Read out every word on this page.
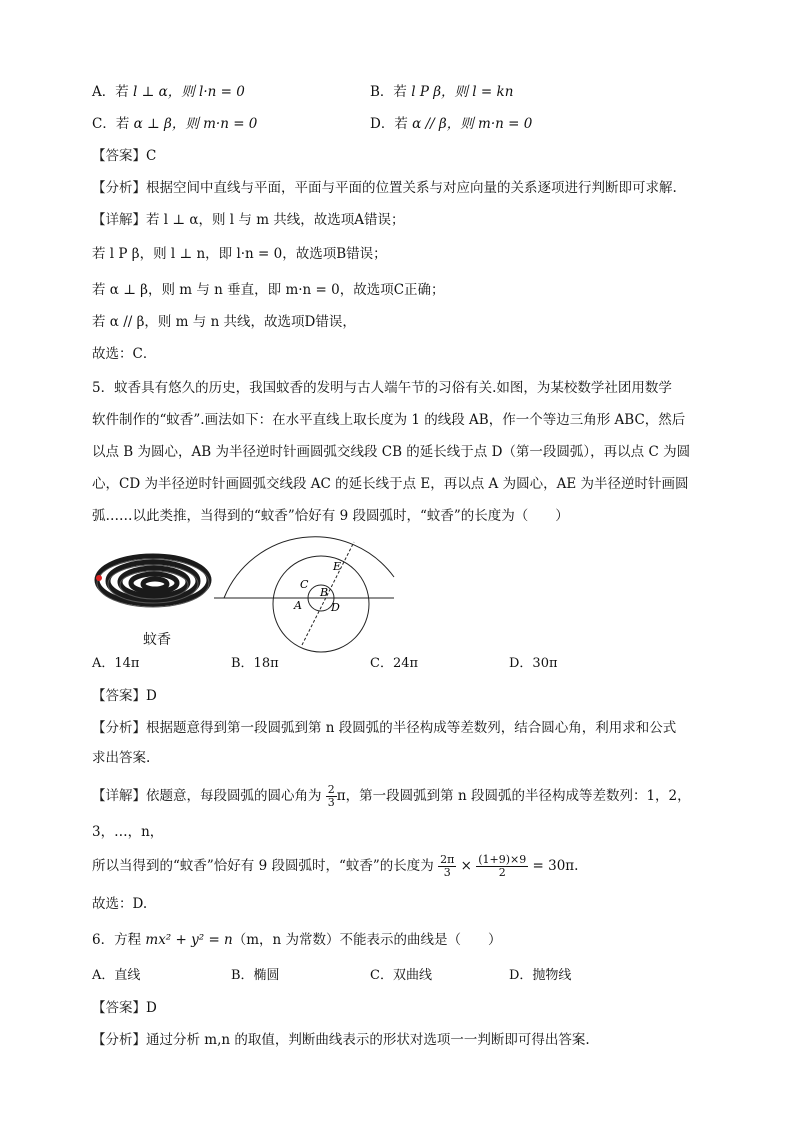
A．若 l ⊥ α，则 l·n = 0	B．若 l P β，则 l = kn
C．若 α ⊥ β，则 m·n = 0	D．若 α // β，则 m·n = 0
【答案】C
【分析】根据空间中直线与平面，平面与平面的位置关系与对应向量的关系逐项进行判断即可求解.
【详解】若 l ⊥ α，则 l 与 m 共线，故选项A错误；
若 l P β，则 l ⊥ n，即 l·n = 0，故选项B错误；
若 α ⊥ β，则 m 与 n 垂直，即 m·n = 0，故选项C正确；
若 α // β，则 m 与 n 共线，故选项D错误，
故选：C．
5．蚊香具有悠久的历史，我国蚊香的发明与古人端午节的习俗有关.如图，为某校数学社团用数学
软件制作的“蚊香”.画法如下：在水平直线上取长度为 1 的线段 AB，作一个等边三角形 ABC，然后
以点 B 为圆心，AB 为半径逆时针画圆弧交线段 CB 的延长线于点 D（第一段圆弧），再以点 C 为圆
心，CD 为半径逆时针画圆弧交线段 AC 的延长线于点 E，再以点 A 为圆心，AE 为半径逆时针画圆
弧……以此类推，当得到的“蚊香”恰好有 9 段圆弧时，“蚊香”的长度为（　　）
蚊香
E
C
B
A	D
A．14π	B．18π	C．24π	D．30π
【答案】D
【分析】根据题意得到第一段圆弧到第 n 段圆弧的半径构成等差数列，结合圆心角，利用求和公式
求出答案.
【详解】依题意，每段圆弧的圆心角为 $\frac{2}{3}$ π，第一段圆弧到第 n 段圆弧的半径构成等差数列：1，2，
3，…，n，
所以当得到的“蚊香”恰好有 9 段圆弧时，“蚊香”的长度为 $\frac{2\pi}{3} \times \frac{(1+9)\times 9}{2} = 30\pi$.
故选：D.
6．方程 mx² + y² = n（m，n 为常数）不能表示的曲线是（　　）
A．直线	B．椭圆	C．双曲线	D．抛物线
【答案】D
【分析】通过分析 m,n 的取值，判断曲线表示的形状对选项一一判断即可得出答案.
